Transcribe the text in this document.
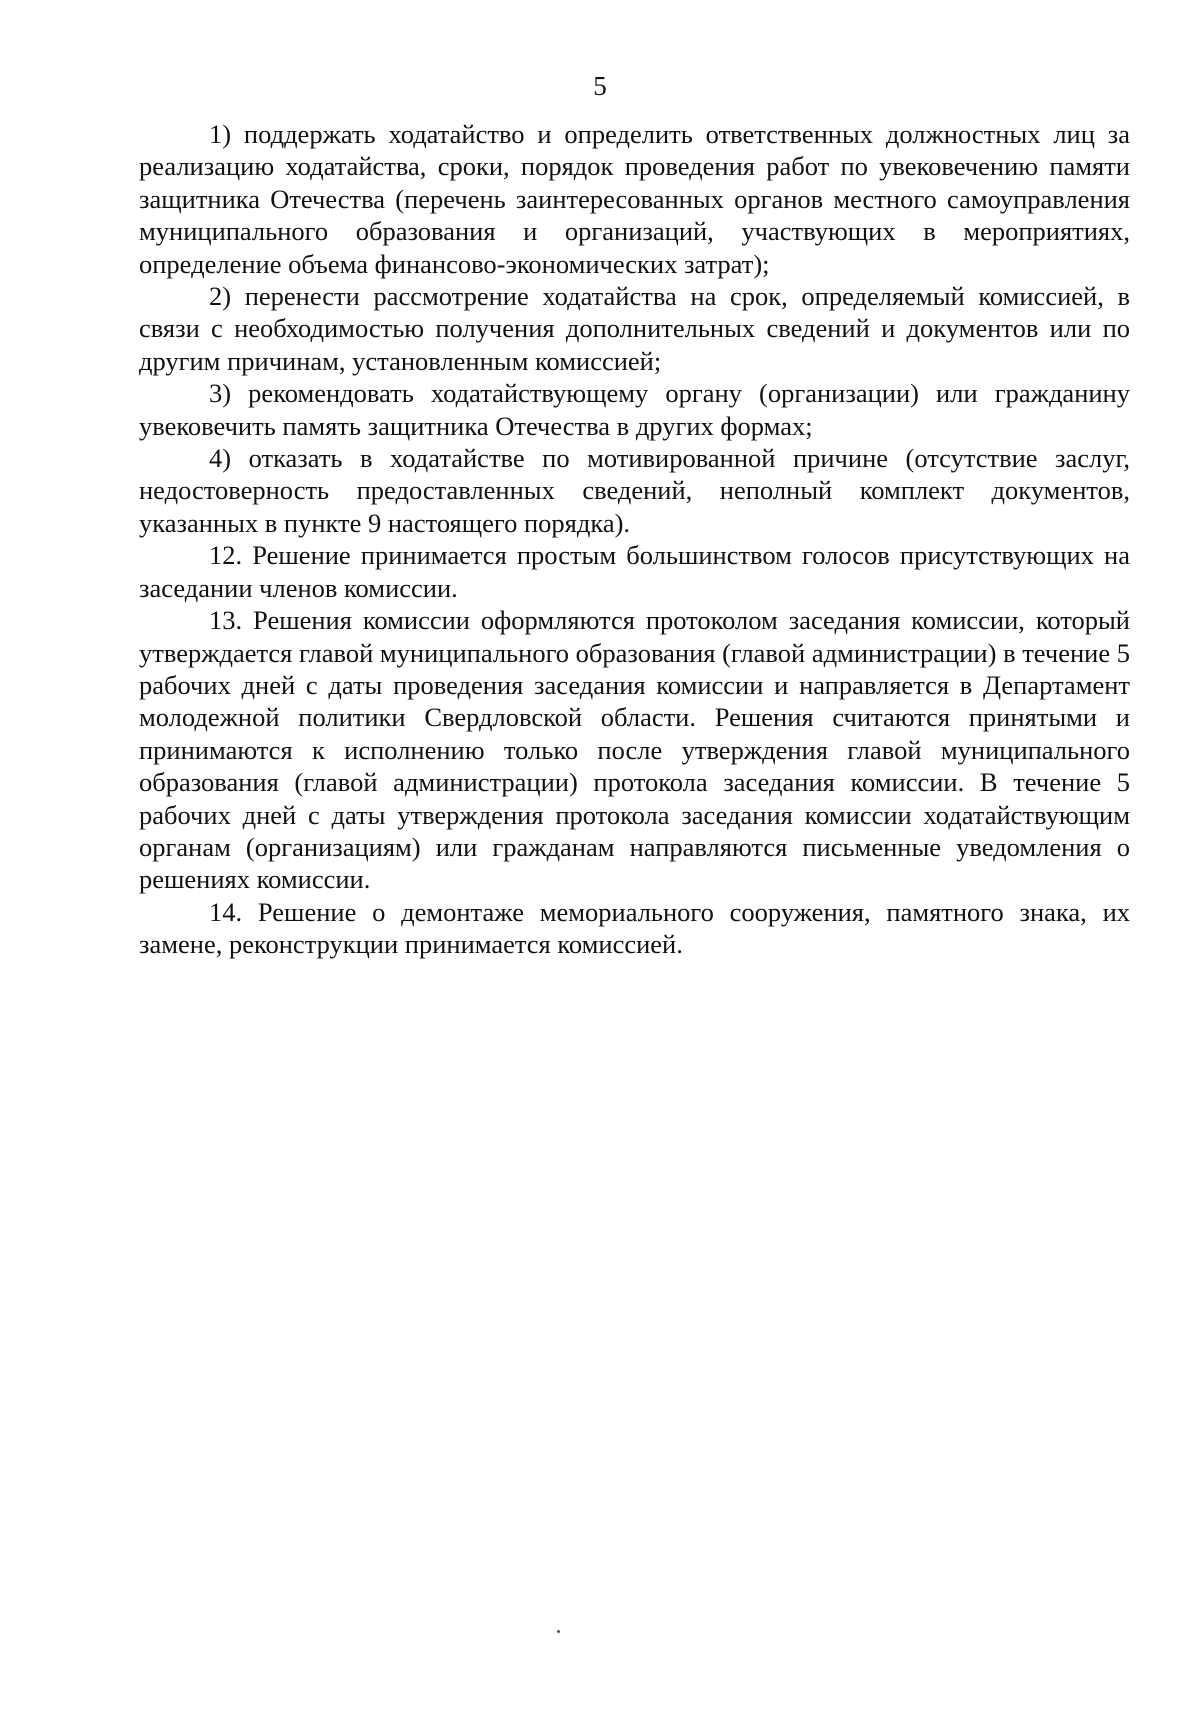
5

1) поддержать ходатайство и определить ответственных должностных лиц за реализацию ходатайства, сроки, порядок проведения работ по увековечению памяти защитника Отечества (перечень заинтересованных органов местного самоуправления муниципального образования и организаций, участвующих в мероприятиях, определение объема финансово-экономических затрат);

2) перенести рассмотрение ходатайства на срок, определяемый комиссией, в связи с необходимостью получения дополнительных сведений и документов или по другим причинам, установленным комиссией;

3) рекомендовать ходатайствующему органу (организации) или гражданину увековечить память защитника Отечества в других формах;

4) отказать в ходатайстве по мотивированной причине (отсутствие заслуг, недостоверность предоставленных сведений, неполный комплект документов, указанных в пункте 9 настоящего порядка).

12. Решение принимается простым большинством голосов присутствующих на заседании членов комиссии.

13. Решения комиссии оформляются протоколом заседания комиссии, который утверждается главой муниципального образования (главой администрации) в течение 5 рабочих дней с даты проведения заседания комиссии и направляется в Департамент молодежной политики Свердловской области. Решения считаются принятыми и принимаются к исполнению только после утверждения главой муниципального образования (главой администрации) протокола заседания комиссии. В течение 5 рабочих дней с даты утверждения протокола заседания комиссии ходатайствующим органам (организациям) или гражданам направляются письменные уведомления о решениях комиссии.

14. Решение о демонтаже мемориального сооружения, памятного знака, их замене, реконструкции принимается комиссией.
